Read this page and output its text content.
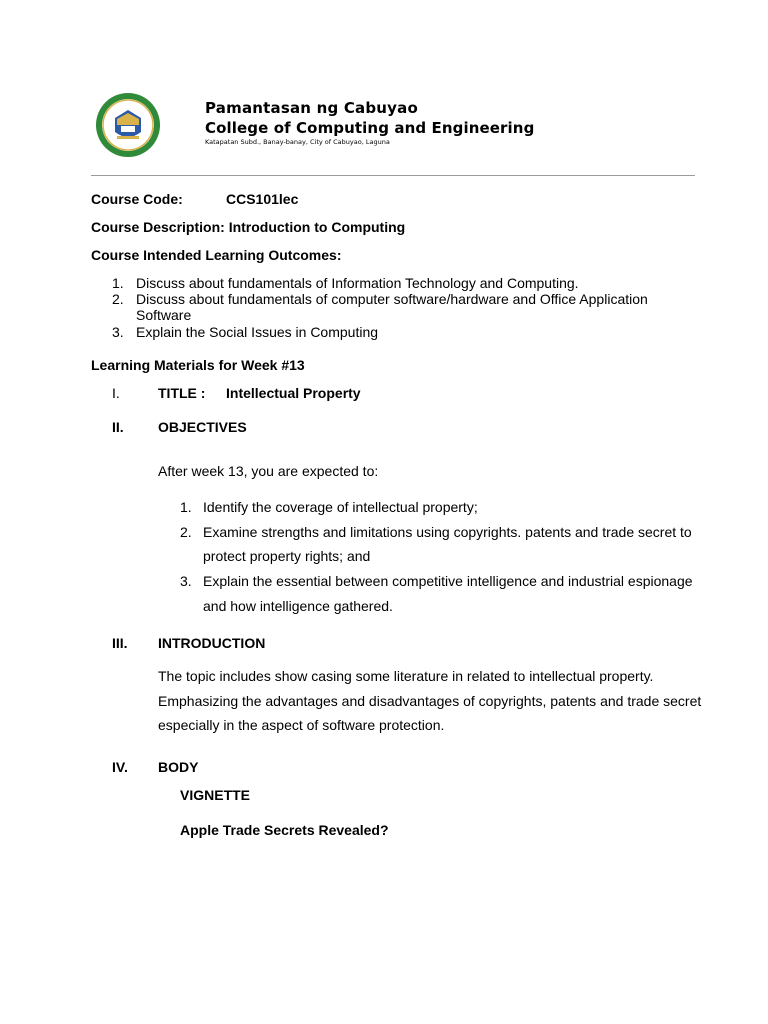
Pamantasan ng Cabuyao
College of Computing and Engineering
Katapatan Subd., Banay-banay, City of Cabuyao, Laguna
Course Code:	CCS101lec
Course Description: Introduction to Computing
Course Intended Learning Outcomes:
1. Discuss about fundamentals of Information Technology and Computing.
2. Discuss about fundamentals of computer software/hardware and Office Application
Software
3. Explain the Social Issues in Computing
Learning Materials for Week #13
I.	TITLE : Intellectual Property
II. OBJECTIVES
After week 13, you are expected to:
1. Identify the coverage of intellectual property;
2. Examine strengths and limitations using copyrights. patents and trade secret to
protect property rights; and
3. Explain the essential between competitive intelligence and industrial espionage
and how intelligence gathered.
III. INTRODUCTION
The topic includes show casing some literature in related to intellectual property.
Emphasizing the advantages and disadvantages of copyrights, patents and trade secret
especially in the aspect of software protection.
IV. BODY
VIGNETTE
Apple Trade Secrets Revealed?
